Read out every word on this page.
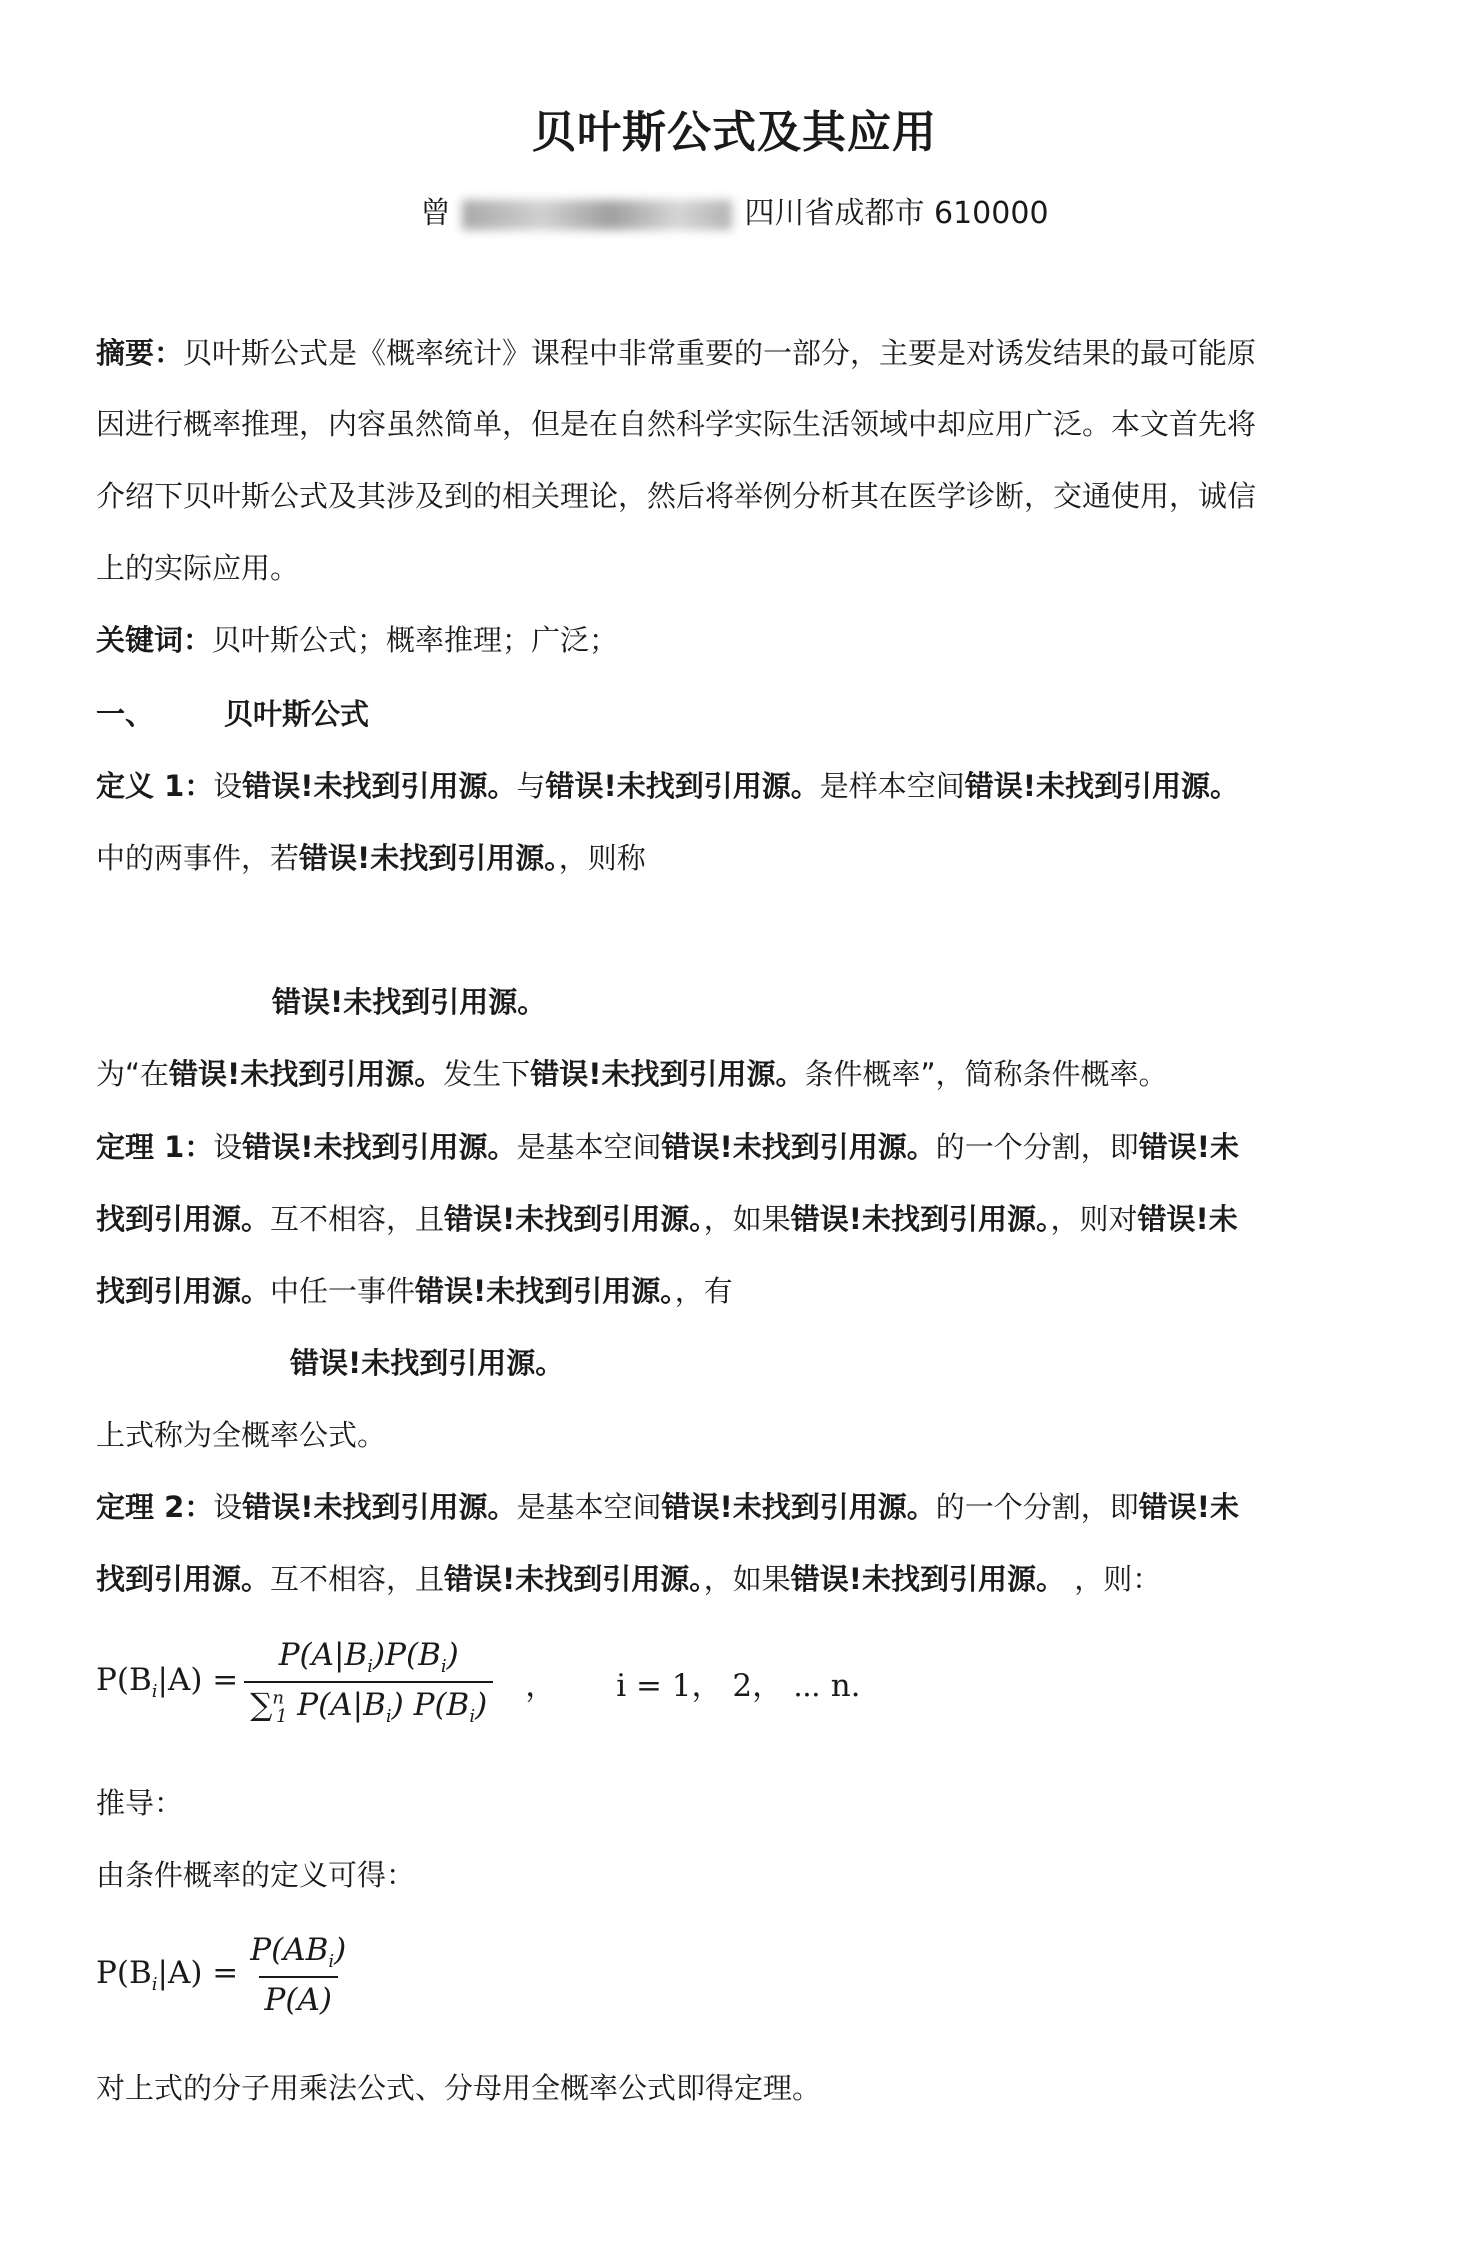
贝叶斯公式及其应用
曾	四川省成都市 610000
摘要：贝叶斯公式是《概率统计》课程中非常重要的一部分，主要是对诱发结果的最可能原
因进行概率推理，内容虽然简单，但是在自然科学实际生活领域中却应用广泛。本文首先将
介绍下贝叶斯公式及其涉及到的相关理论，然后将举例分析其在医学诊断，交通使用，诚信
上的实际应用。
关键词：贝叶斯公式；概率推理；广泛；
一、 贝叶斯公式
定义 1：设错误!未找到引用源。与错误!未找到引用源。是样本空间错误!未找到引用源。
中的两事件，若错误!未找到引用源。，则称
错误!未找到引用源。
为“在错误!未找到引用源。发生下错误!未找到引用源。条件概率”，简称条件概率。
定理 1：设错误!未找到引用源。是基本空间错误!未找到引用源。的一个分割，即错误!未
找到引用源。互不相容，且错误!未找到引用源。，如果错误!未找到引用源。，则对错误!未
找到引用源。中任一事件错误!未找到引用源。，有
错误!未找到引用源。
上式称为全概率公式。
定理 2：设错误!未找到引用源。是基本空间错误!未找到引用源。的一个分割，即错误!未
找到引用源。互不相容，且错误!未找到引用源。，如果错误!未找到引用源。 ，则：
$P(B_i|A) = \frac{P(A|B_i)P(B_i)}{\sum^n_1 P(A|B_i) P(B_i)}$ ， i = 1， 2， ⋯ n.
推导：
由条件概率的定义可得：
$P(B_i|A) = \frac{P(AB_i)}{P(A)}$
对上式的分子用乘法公式、分母用全概率公式即得定理。
